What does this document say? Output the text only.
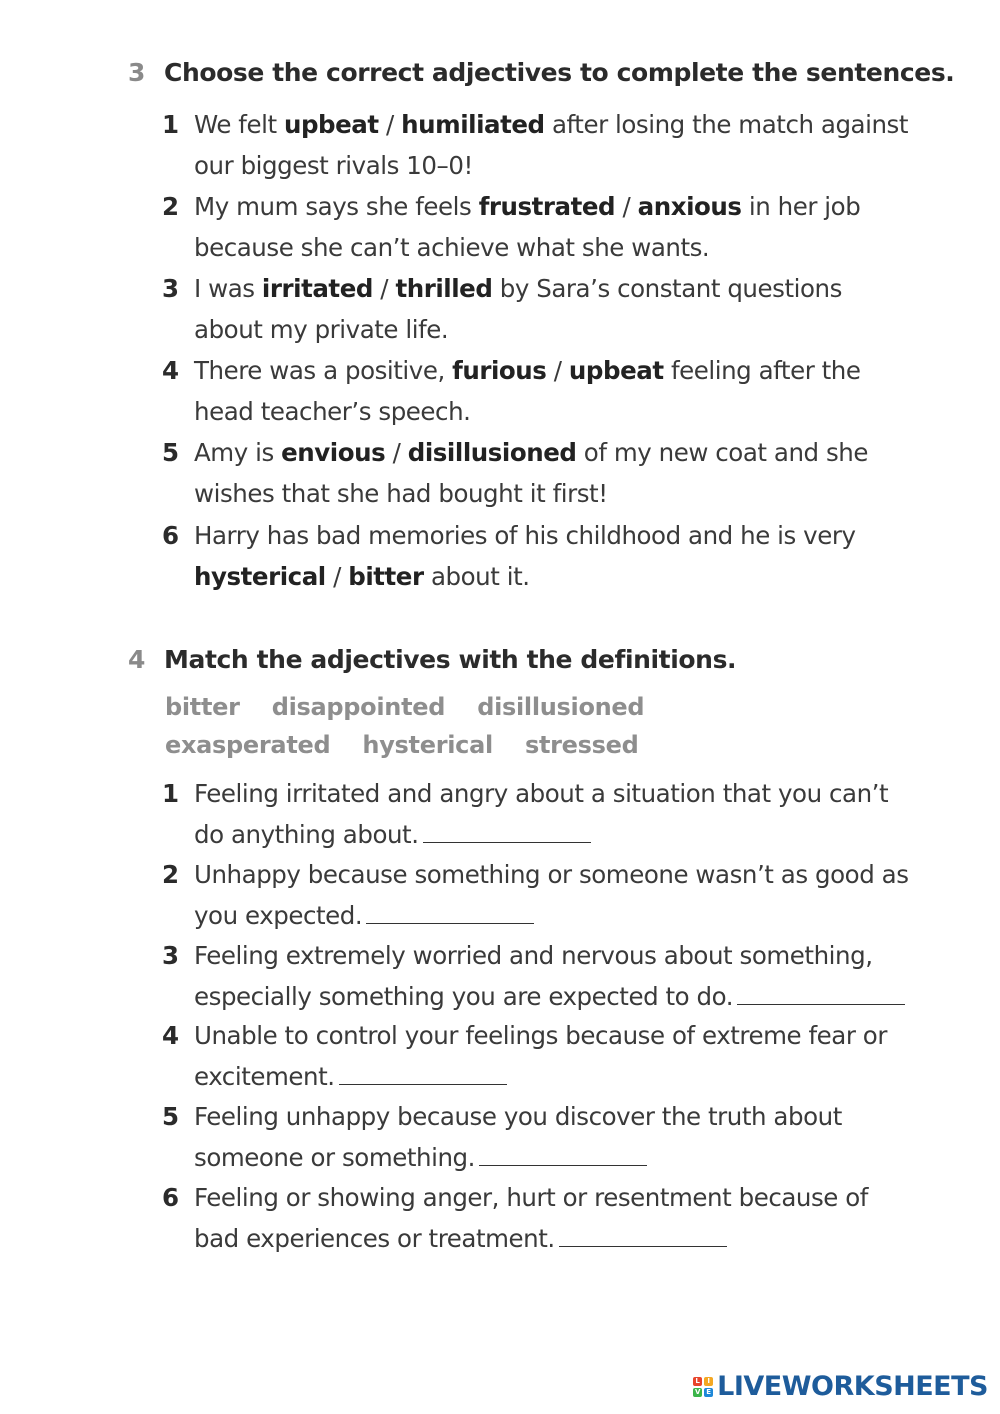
3 Choose the correct adjectives to complete the sentences.
1 We felt upbeat / humiliated after losing the match against our biggest rivals 10–0!
2 My mum says she feels frustrated / anxious in her job because she can’t achieve what she wants.
3 I was irritated / thrilled by Sara’s constant questions about my private life.
4 There was a positive, furious / upbeat feeling after the head teacher’s speech.
5 Amy is envious / disillusioned of my new coat and she wishes that she had bought it first!
6 Harry has bad memories of his childhood and he is very hysterical / bitter about it.
4 Match the adjectives with the definitions.
bitter disappointed disillusioned exasperated hysterical stressed
1 Feeling irritated and angry about a situation that you can’t do anything about.
2 Unhappy because something or someone wasn’t as good as you expected.
3 Feeling extremely worried and nervous about something, especially something you are expected to do.
4 Unable to control your feelings because of extreme fear or excitement.
5 Feeling unhappy because you discover the truth about someone or something.
6 Feeling or showing anger, hurt or resentment because of bad experiences or treatment.
L	I
V E LIVEWORKSHEETS
